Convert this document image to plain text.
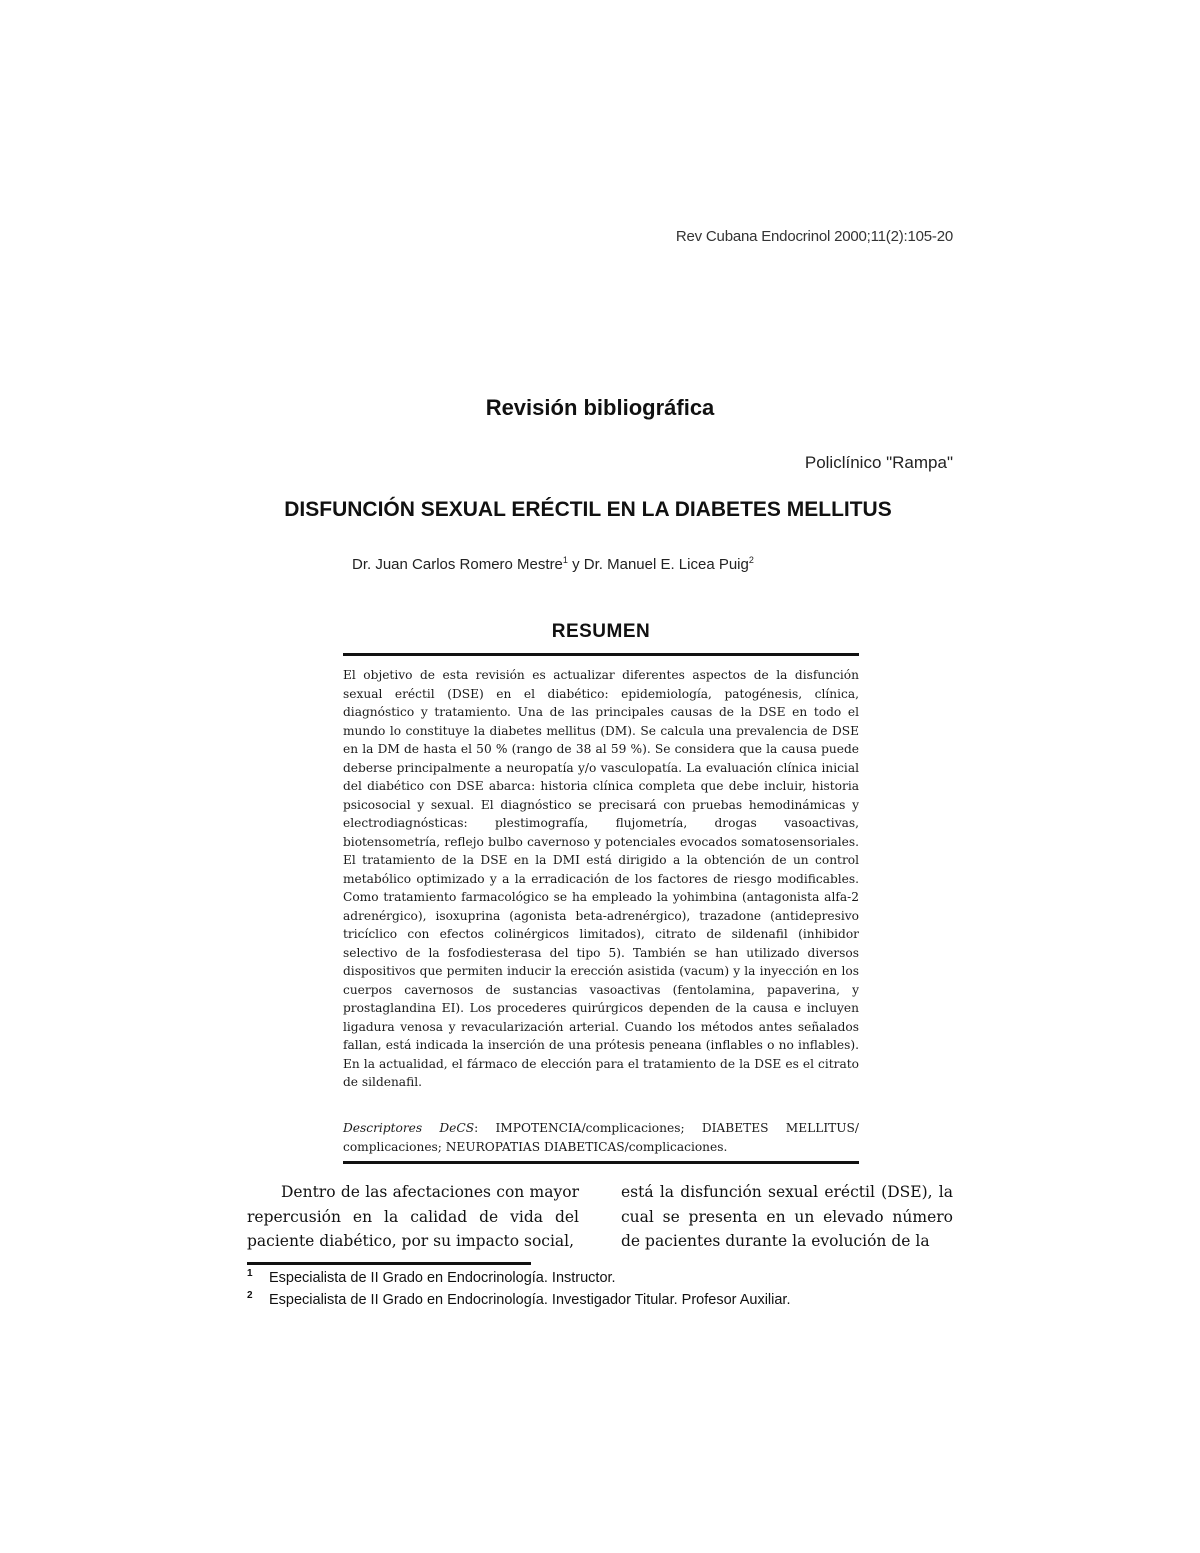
Rev Cubana Endocrinol 2000;11(2):105-20
Revisión bibliográfica
Policlínico "Rampa"
DISFUNCIÓN SEXUAL ERÉCTIL EN LA DIABETES MELLITUS
Dr. Juan Carlos Romero Mestre$^1$ y Dr. Manuel E. Licea Puig$^2$
RESUMEN

El objetivo de esta revisión es actualizar diferentes aspectos de la disfunción sexual eréctil (DSE) en el diabético: epidemiología, patogénesis, clínica, diagnóstico y tratamiento. Una de las principales causas de la DSE en todo el mundo lo constituye la diabetes mellitus (DM). Se calcula una prevalencia de DSE en la DM de hasta el 50 % (rango de 38 al 59 %). Se considera que la causa puede deberse principalmente a neuropatía y/o vasculopatía. La evaluación clínica inicial del diabético con DSE abarca: historia clínica completa que debe incluir, historia psicosocial y sexual. El diagnóstico se precisará con pruebas hemodinámicas y electrodiagnósticas: plestimografía, flujometría, drogas vasoactivas, biotensometría, reflejo bulbo cavernoso y potenciales evocados somatosensoriales. El tratamiento de la DSE en la DMI está dirigido a la obtención de un control metabólico optimizado y a la erradicación de los factores de riesgo modificables. Como tratamiento farmacológico se ha empleado la yohimbina (antagonista alfa-2 adrenérgico), isoxuprina (agonista beta-adrenérgico), trazadone (antidepresivo tricíclico con efectos colinérgicos limitados), citrato de sildenafil (inhibidor selectivo de la fosfodiesterasa del tipo 5). También se han utilizado diversos dispositivos que permiten inducir la erección asistida (vacum) y la inyección en los cuerpos cavernosos de sustancias vasoactivas (fentolamina, papaverina, y prostaglandina EI). Los procederes quirúrgicos dependen de la causa e incluyen ligadura venosa y revacularización arterial. Cuando los métodos antes señalados fallan, está indicada la inserción de una prótesis peneana (inflables o no inflables). En la actualidad, el fármaco de elección para el tratamiento de la DSE es el citrato de sildenafil.

Descriptores DeCS: IMPOTENCIA/complicaciones; DIABETES MELLITUS/ complicaciones; NEUROPATIAS DIABETICAS/complicaciones.

Dentro de las afectaciones con mayor repercusión en la calidad de vida del paciente diabético, por su impacto social,

está la disfunción sexual eréctil (DSE), la cual se presenta en un elevado número de pacientes durante la evolución de la

1 Especialista de II Grado en Endocrinología. Instructor.
2 Especialista de II Grado en Endocrinología. Investigador Titular. Profesor Auxiliar.
